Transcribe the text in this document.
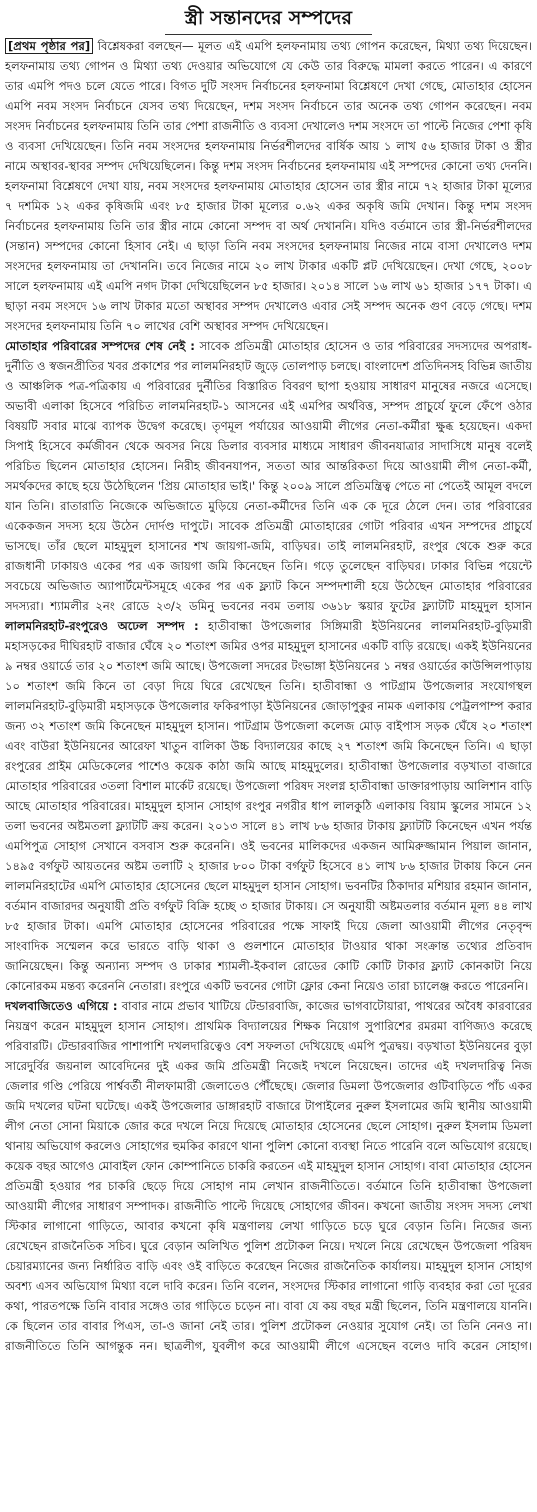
স্ত্রী সন্তানদের সম্পদের

[প্রথম পৃষ্ঠার পর] বিশ্লেষকরা বলছেন— মূলত এই এমপি হলফনামায় তথ্য গোপন করেছেন, মিথ্যা তথ্য দিয়েছেন। হলফনামায় তথ্য গোপন ও মিথ্যা তথ্য দেওয়ার অভিযোগে যে কেউ তার বিরুদ্ধে মামলা করতে পারেন। এ কারণে তার এমপি পদও চলে যেতে পারে। বিগত দুটি সংসদ নির্বাচনের হলফনামা বিশ্লেষণে দেখা গেছে, মোতাহার হোসেন এমপি নবম সংসদ নির্বাচনে যেসব তথ্য দিয়েছেন, দশম সংসদ নির্বাচনে তার অনেক তথ্য গোপন করেছেন। নবম সংসদ নির্বাচনের হলফনামায় তিনি তার পেশা রাজনীতি ও ব্যবসা দেখালেও দশম সংসদে তা পাল্টে নিজের পেশা কৃষি ও ব্যবসা দেখিয়েছেন। তিনি নবম সংসদের হলফনামায় নির্ভরশীলদের বার্ষিক আয় ১ লাখ ৫৬ হাজার টাকা ও স্ত্রীর নামে অস্থাবর-স্থাবর সম্পদ দেখিয়েছিলেন। কিন্তু দশম সংসদ নির্বাচনের হলফনামায় এই সম্পদের কোনো তথ্য দেননি। হলফনামা বিশ্লেষণে দেখা যায়, নবম সংসদের হলফনামায় মোতাহার হোসেন তার স্ত্রীর নামে ৭২ হাজার টাকা মূল্যের ৭ দশমিক ১২ একর কৃষিজমি এবং ৮৫ হাজার টাকা মূল্যের ০.৬২ একর অকৃষি জমি দেখান। কিন্তু দশম সংসদ নির্বাচনের হলফনামায় তিনি তার স্ত্রীর নামে কোনো সম্পদ বা অর্থ দেখাননি। যদিও বর্তমানে তার স্ত্রী-নির্ভরশীলদের (সন্তান) সম্পদের কোনো হিসাব নেই। এ ছাড়া তিনি নবম সংসদের হলফনামায় নিজের নামে বাসা দেখালেও দশম সংসদের হলফনামায় তা দেখাননি। তবে নিজের নামে ২০ লাখ টাকার একটি প্লট দেখিয়েছেন। দেখা গেছে, ২০০৮ সালে হলফনামায় এই এমপি নগদ টাকা দেখিয়েছিলেন ৮৫ হাজার। ২০১৪ সালে ১৬ লাখ ৬১ হাজার ১৭৭ টাকা। এ ছাড়া নবম সংসদে ১৬ লাখ টাকার মতো অস্থাবর সম্পদ দেখালেও এবার সেই সম্পদ অনেক গুণ বেড়ে গেছে। দশম সংসদের হলফনামায় তিনি ৭০ লাখের বেশি অস্থাবর সম্পদ দেখিয়েছেন।

মোতাহার পরিবারের সম্পদের শেষ নেই : সাবেক প্রতিমন্ত্রী মোতাহার হোসেন ও তার পরিবারের সদস্যদের অপরাধ-দুর্নীতি ও স্বজনপ্রীতির খবর প্রকাশের পর লালমনিরহাট জুড়ে তোলপাড় চলছে। বাংলাদেশ প্রতিদিনসহ বিভিন্ন জাতীয় ও আঞ্চলিক পত্র-পত্রিকায় এ পরিবারের দুর্নীতির বিস্তারিত বিবরণ ছাপা হওয়ায় সাধারণ মানুষের নজরে এসেছে। অভাবী এলাকা হিসেবে পরিচিত লালমনিরহাট-১ আসনের এই এমপির অর্থবিত্ত, সম্পদ প্রাচুর্যে ফুলে ফেঁপে ওঠার বিষয়টি সবার মাঝে ব্যাপক উদ্বেগ করেছে। তৃণমূল পর্যায়ের আওয়ামী লীগের নেতা-কর্মীরা ক্ষুব্ধ হয়েছেন। একদা সিপাই হিসেবে কর্মজীবন থেকে অবসর নিয়ে ডিলার ব্যবসার মাধ্যমে সাধারণ জীবনযাত্রার সাদাসিধে মানুষ বলেই পরিচিত ছিলেন মোতাহার হোসেন। নিরীহ জীবনযাপন, সততা আর আন্তরিকতা দিয়ে আওয়ামী লীগ নেতা-কর্মী, সমর্থকদের কাছে হয়ে উঠেছিলেন 'প্রিয় মোতাহার ভাই।' কিন্তু ২০০৯ সালে প্রতিমন্ত্রিত্ব পেতে না পেতেই আমূল বদলে যান তিনি। রাতারাতি নিজেকে অভিজাতে মুড়িয়ে নেতা-কর্মীদের তিনি এক কে দূরে ঠেলে দেন। তার পরিবারের একেকজন সদস্য হয়ে উঠেন দোর্দণ্ড দাপুটে। সাবেক প্রতিমন্ত্রী মোতাহারের গোটা পরিবার এখন সম্পদের প্রাচুর্যে ভাসছে। তাঁর ছেলে মাহমুদুল হাসানের শখ জায়গা-জমি, বাড়িঘর। তাই লালমনিরহাট, রংপুর থেকে শুরু করে রাজধানী ঢাকায়ও একের পর এক জায়গা জমি কিনেছেন তিনি। গড়ে তুলেছেন বাড়িঘর। ঢাকার বিভিন্ন পয়েন্টে সবচেয়ে অভিজাত অ্যাপার্টমেন্টসমূহে একের পর এক ফ্ল্যাট কিনে সম্পদশালী হয়ে উঠেছেন মোতাহার পরিবারের সদস্যরা। শ্যামলীর ২নং রোডে ২৩/২ ডমিনু ভবনের নবম তলায় ৩৬১৮ স্কয়ার ফুটের ফ্ল্যাটটি মাহমুদুল হাসান

লালমনিরহাট-রংপুরেও অঢেল সম্পদ : হাতীবান্ধা উপজেলার সিঙ্গিমারী ইউনিয়নের লালমনিরহাট-বুড়িমারী মহাসড়কের দীঘিরহাট বাজার ঘেঁষে ২০ শতাংশ জমির ওপর মাহমুদুল হাসানের একটি বাড়ি রয়েছে। একই ইউনিয়নের ৯ নম্বর ওয়ার্ডে তার ২০ শতাংশ জমি আছে। উপজেলা সদরের টংভাঙ্গা ইউনিয়নের ১ নম্বর ওয়ার্ডের কাউন্সিলপাড়ায় ১০ শতাংশ জমি কিনে তা বেড়া দিয়ে ঘিরে রেখেছেন তিনি। হাতীবান্ধা ও পাটগ্রাম উপজেলার সংযোগস্থল লালমনিরহাট-বুড়িমারী মহাসড়কে উপজেলার ফকিরপাড়া ইউনিয়নের জোড়াপুকুর নামক এলাকায় পেট্রলপাম্প করার জন্য ৩২ শতাংশ জমি কিনেছেন মাহমুদুল হাসান। পাটগ্রাম উপজেলা কলেজ মোড় বাইপাস সড়ক ঘেঁষে ২০ শতাংশ এবং বাউরা ইউনিয়নের আরেফা খাতুন বালিকা উচ্চ বিদ্যালয়ের কাছে ২৭ শতাংশ জমি কিনেছেন তিনি। এ ছাড়া রংপুরের প্রাইম মেডিকেলের পাশেও কয়েক কাঠা জমি আছে মাহমুদুলের। হাতীবান্ধা উপজেলার বড়খাতা বাজারে মোতাহার পরিবারের ৩তলা বিশাল মার্কেট রয়েছে। উপজেলা পরিষদ সংলগ্ন হাতীবান্ধা ডাক্তারপাড়ায় আলিশান বাড়ি আছে মোতাহার পরিবারের। মাহমুদুল হাসান সোহাগ রংপুর নগরীর ধাপ লালকুঠি এলাকায় বিয়াম স্কুলের সামনে ১২ তলা ভবনের অষ্টমতলা ফ্ল্যাটটি ক্রয় করেন। ২০১৩ সালে ৪১ লাখ ৮৬ হাজার টাকায় ফ্ল্যাটটি কিনেছেন এখন পর্যন্ত এমপিপুত্র সোহাগ সেখানে বসবাস শুরু করেননি। ওই ভবনের মালিকদের একজন আমিরুজ্জামান পিয়াল জানান, ১৪৯৫ বর্গফুট আয়তনের অষ্টম তলাটি ২ হাজার ৮০০ টাকা বর্গফুট হিসেবে ৪১ লাখ ৮৬ হাজার টাকায় কিনে নেন লালমনিরহাটের এমপি মোতাহার হোসেনের ছেলে মাহমুদুল হাসান সোহাগ। ভবনটির ঠিকাদার মশিয়ার রহমান জানান, বর্তমান বাজারদর অনুযায়ী প্রতি বর্গফুট বিক্রি হচ্ছে ৩ হাজার টাকায়। সে অনুযায়ী অষ্টমতলার বর্তমান মূল্য ৪৪ লাখ ৮৫ হাজার টাকা। এমপি মোতাহার হোসেনের পরিবারের পক্ষে সাফাই দিয়ে জেলা আওয়ামী লীগের নেতৃবৃন্দ সাংবাদিক সম্মেলন করে ভারতে বাড়ি থাকা ও গুলশানে মোতাহার টাওয়ার থাকা সংক্রান্ত তথ্যের প্রতিবাদ জানিয়েছেন। কিন্তু অন্যান্য সম্পদ ও ঢাকার শ্যামলী-ইকবাল রোডের কোটি কোটি টাকার ফ্ল্যাট কোনকাটা নিয়ে কোনোরকম মন্তব্য করেননি নেতারা। রংপুরে একটি ভবনের গোটা ফ্লোর কেনা নিয়েও তারা চ্যালেঞ্জ করতে পারেননি।

দখলবাজিতেও এগিয়ে : বাবার নামে প্রভাব খাটিয়ে টেন্ডারবাজি, কাজের ভাগবাটোয়ারা, পাথরের অবৈধ কারবারের নিয়ন্ত্রণ করেন মাহমুদুল হাসান সোহাগ। প্রাথমিক বিদ্যালয়ের শিক্ষক নিয়োগ সুপারিশের রমরমা বাণিজ্যও করেছে পরিবারটি। টেন্ডারবাজির পাশাপাশি দখলদারিত্বেও বেশ সফলতা দেখিয়েছে এমপি পুত্রদ্বয়। বড়খাতা ইউনিয়নের বুড়া সারেদুর্বির জয়নাল আবেদিনের দুই একর জমি প্রতিমন্ত্রী নিজেই দখলে নিয়েছেন। তাদের এই দখলদারিত্ব নিজ জেলার গণ্ডি পেরিয়ে পার্শ্ববর্তী নীলফামারী জেলাতেও পৌঁছেছে। জেলার ডিমলা উপজেলার গুটিবাড়িতে পাঁচ একর জমি দখলের ঘটনা ঘটেছে। একই উপজেলার ডাঙ্গারহাট বাজারে টাপাইলের নুরুল ইসলামের জমি স্থানীয় আওয়ামী লীগ নেতা সোনা মিয়াকে জোর করে দখলে নিয়ে দিয়েছে মোতাহার হোসেনের ছেলে সোহাগ। নুরুল ইসলাম ডিমলা থানায় অভিযোগ করলেও সোহাগের হুমকির কারণে থানা পুলিশ কোনো ব্যবস্থা নিতে পারেনি বলে অভিযোগ রয়েছে। কয়েক বছর আগেও মোবাইল ফোন কোম্পানিতে চাকরি করতেন এই মাহমুদুল হাসান সোহাগ। বাবা মোতাহার হোসেন প্রতিমন্ত্রী হওয়ার পর চাকরি ছেড়ে দিয়ে সোহাগ নাম লেখান রাজনীতিতে। বর্তমানে তিনি হাতীবান্ধা উপজেলা আওয়ামী লীগের সাধারণ সম্পাদক। রাজনীতি পাল্টে দিয়েছে সোহাগের জীবন। কখনো জাতীয় সংসদ সদস্য লেখা স্টিকার লাগানো গাড়িতে, আবার কখনো কৃষি মন্ত্রণালয় লেখা গাড়িতে চড়ে ঘুরে বেড়ান তিনি। নিজের জন্য রেখেছেন রাজনৈতিক সচিব। ঘুরে বেড়ান অলিখিত পুলিশ প্রটোকল নিয়ে। দখলে নিয়ে রেখেছেন উপজেলা পরিষদ চেয়ারম্যানের জন্য নির্ধারিত বাড়ি এবং ওই বাড়িতে করেছেন নিজের রাজনৈতিক কার্যালয়। মাহমুদুল হাসান সোহাগ অবশ্য এসব অভিযোগ মিথ্যা বলে দাবি করেন। তিনি বলেন, সংসদের স্টিকার লাগানো গাড়ি ব্যবহার করা তো দূরের কথা, পারতপক্ষে তিনি বাবার সঙ্গেও তার গাড়িতে চড়েন না। বাবা যে কয় বছর মন্ত্রী ছিলেন, তিনি মন্ত্রণালয়ে যাননি। কে ছিলেন তার বাবার পিএস, তা-ও জানা নেই তার। পুলিশ প্রটোকল নেওয়ার সুযোগ নেই। তা তিনি নেনও না। রাজনীতিতে তিনি আগন্তুক নন। ছাত্রলীগ, যুবলীগ করে আওয়ামী লীগে এসেছেন বলেও দাবি করেন সোহাগ।
